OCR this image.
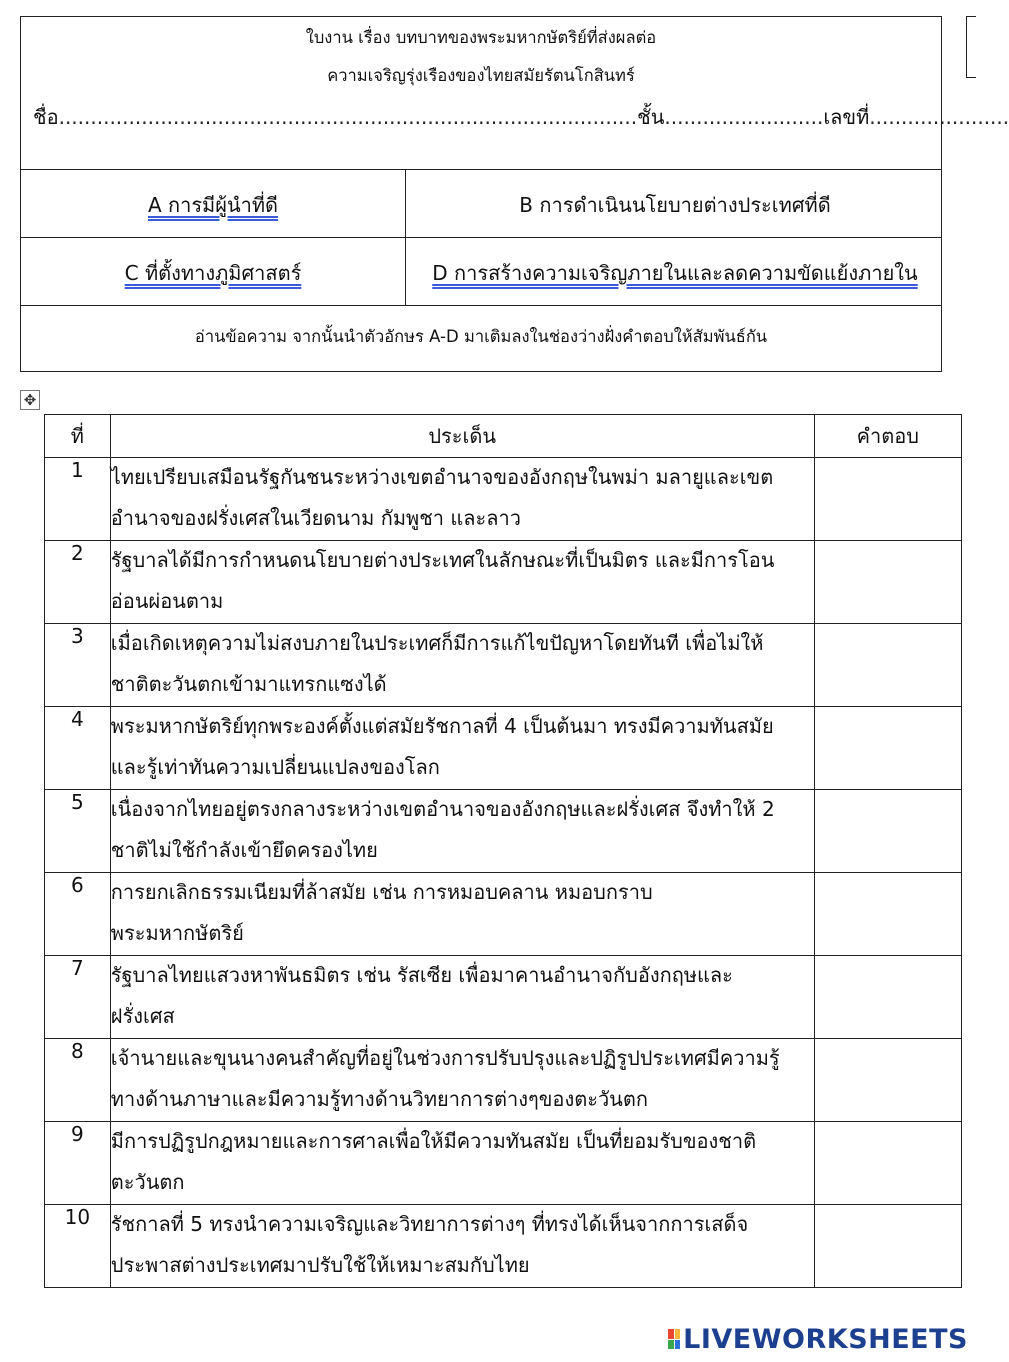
ใบงาน เรื่อง บทบาทของพระมหากษัตริย์ที่ส่งผลต่อ
ความเจริญรุ่งเรืองของไทยสมัยรัตนโกสินทร์
ชื่อ...........................................................................................ชั้น.........................เลขที่......................
A การมีผู้นำที่ดี	B การดำเนินนโยบายต่างประเทศที่ดี
C ที่ตั้งทางภูมิศาสตร์	D การสร้างความเจริญภายในและลดความขัดแย้งภายใน
อ่านข้อความ จากนั้นนำตัวอักษร A-D มาเติมลงในช่องว่างฝั่งคำตอบให้สัมพันธ์กัน
✥
ที่	ประเด็น	คำตอบ
1	ไทยเปรียบเสมือนรัฐกันชนระหว่างเขตอำนาจของอังกฤษในพม่า มลายูและเขต
อำนาจของฝรั่งเศสในเวียดนาม กัมพูชา และลาว	

2	รัฐบาลได้มีการกำหนดนโยบายต่างประเทศในลักษณะที่เป็นมิตร และมีการโอน
อ่อนผ่อนตาม	

3	เมื่อเกิดเหตุความไม่สงบภายในประเทศก็มีการแก้ไขปัญหาโดยทันที เพื่อไม่ให้
ชาติตะวันตกเข้ามาแทรกแซงได้	

4	พระมหากษัตริย์ทุกพระองค์ตั้งแต่สมัยรัชกาลที่ 4 เป็นต้นมา ทรงมีความทันสมัย
และรู้เท่าทันความเปลี่ยนแปลงของโลก	

5	เนื่องจากไทยอยู่ตรงกลางระหว่างเขตอำนาจของอังกฤษและฝรั่งเศส จึงทำให้ 2
ชาติไม่ใช้กำลังเข้ายึดครองไทย	

6	การยกเลิกธรรมเนียมที่ล้าสมัย เช่น การหมอบคลาน หมอบกราบ
พระมหากษัตริย์	

7	รัฐบาลไทยแสวงหาพันธมิตร เช่น รัสเซีย เพื่อมาคานอำนาจกับอังกฤษและ
ฝรั่งเศส	

8	เจ้านายและขุนนางคนสำคัญที่อยู่ในช่วงการปรับปรุงและปฏิรูปประเทศมีความรู้
ทางด้านภาษาและมีความรู้ทางด้านวิทยาการต่างๆของตะวันตก	

9	มีการปฏิรูปกฎหมายและการศาลเพื่อให้มีความทันสมัย เป็นที่ยอมรับของชาติ
ตะวันตก	

10	รัชกาลที่ 5 ทรงนำความเจริญและวิทยาการต่างๆ ที่ทรงได้เห็นจากการเสด็จ
ประพาสต่างประเทศมาปรับใช้ให้เหมาะสมกับไทย	

LIVEWORKSHEETS
